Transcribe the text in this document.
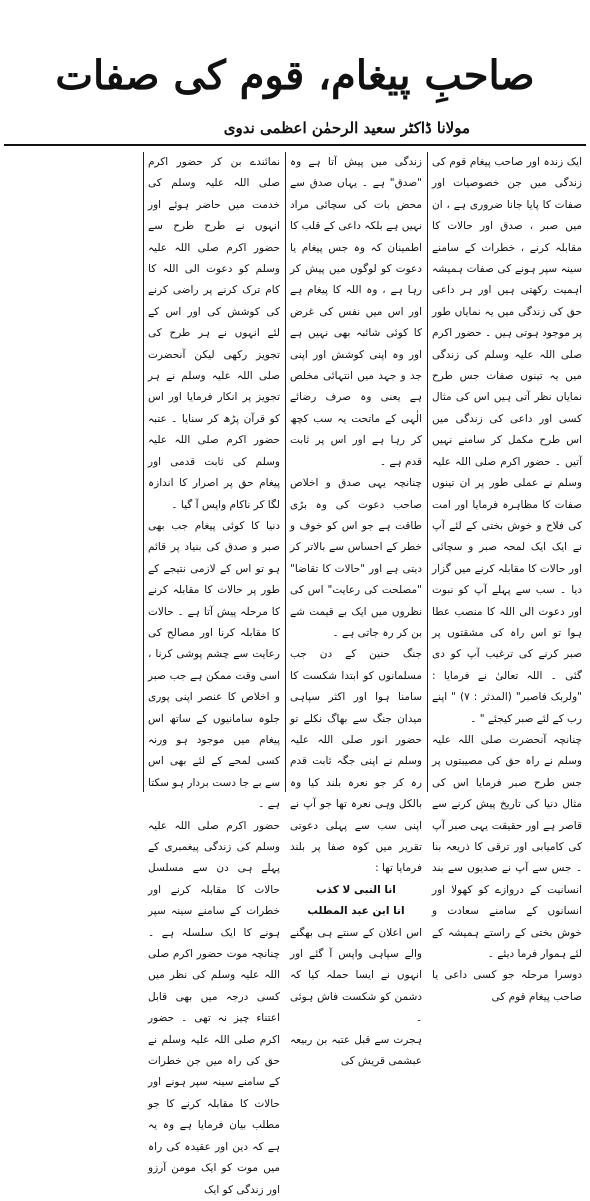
صاحبِ پیغام، قوم کی صفات
مولانا ڈاکٹر سعید الرحمٰن اعظمی ندوی

ایک زندہ اور صاحب پیغام قوم کی زندگی میں جن خصوصیات اور صفات کا پایا جانا ضروری ہے ، ان میں صبر ، صدق اور حالات کا مقابلہ کرنے ، خطرات کے سامنے سینہ سپر ہونے کی صفات ہمیشہ اہمیت رکھتی ہیں اور ہر داعی حق کی زندگی میں یہ نمایاں طور پر موجود ہوتی ہیں ۔ حضور اکرم صلی اللہ علیہ وسلم کی زندگی میں یہ تینوں صفات جس طرح نمایاں نظر آتی ہیں اس کی مثال کسی اور داعی کی زندگی میں اس طرح مکمل کر سامنے نہیں آتیں ۔ حضور اکرم صلی اللہ علیہ وسلم نے عملی طور پر ان تینوں صفات کا مظاہرہ فرمایا اور امت کی فلاح و خوش بختی کے لئے آپ نے ایک ایک لمحہ صبر و سچائی اور حالات کا مقابلہ کرنے میں گزار دیا ۔ سب سے پہلے آپ کو نبوت اور دعوت الی اللہ کا منصب عطا ہوا تو اس راہ کی مشقتوں پر صبر کرنے کی ترغیب آپ کو دی گئی ۔ اللہ تعالیٰ نے فرمایا : "ولربک فاصبر" (المدثر : ۷) " اپنے رب کے لئے صبر کیجئے " ۔

چنانچہ آنحضرت صلی اللہ علیہ وسلم نے راہ حق کی مصیبتوں پر جس طرح صبر فرمایا اس کی مثال دنیا کی تاریخ پیش کرنے سے قاصر ہے اور حقیقت یہی صبر آپ کی کامیابی اور ترقی کا ذریعہ بنا ۔ جس سے آپ نے صدیوں سے بند انسانیت کے دروازے کو کھولا اور انسانوں کے سامنے سعادت و خوش بختی کے راستے ہمیشہ کے لئے ہموار فرما دیئے ۔

دوسرا مرحلہ جو کسی داعی یا صاحب پیغام قوم کی

زندگی میں پیش آتا ہے وہ "صدق" ہے ۔ یہاں صدق سے محض بات کی سچائی مراد نہیں ہے بلکہ داعی کے قلب کا اطمینان کہ وہ جس پیغام یا دعوت کو لوگوں میں پیش کر رہا ہے ، وہ اللہ کا پیغام ہے اور اس میں نفس کی غرض کا کوئی شائبہ بھی نہیں ہے اور وہ اپنی کوشش اور اپنی جد و جہد میں انتہائی مخلص ہے یعنی وہ صرف رضائے الٰہی کے ماتحت یہ سب کچھ کر رہا ہے اور اس پر ثابت قدم ہے ۔

چنانچہ یہی صدق و اخلاص صاحب دعوت کی وہ بڑی طاقت ہے جو اس کو خوف و خطر کے احساس سے بالاتر کر دیتی ہے اور "حالات کا تقاضا" "مصلحت کی رعایت" اس کی نظروں میں ایک بے قیمت شے بن کر رہ جاتی ہے ۔

جنگ حنین کے دن جب مسلمانوں کو ابتدا شکست کا سامنا ہوا اور اکثر سپاہی میدان جنگ سے بھاگ نکلے تو حضور انور صلی اللہ علیہ وسلم نے اپنی جگہ ثابت قدم رہ کر جو نعرہ بلند کیا وہ بالکل وہی نعرہ تھا جو آپ نے اپنی سب سے پہلی دعوتی تقریر میں کوہ صفا پر بلند فرمایا تھا :

انا النبی لا کذب

انا ابن عبد المطلب

اس اعلان کے سنتے ہی بھگنے والے سپاہی واپس آ گئے اور انہوں نے ایسا حملہ کیا کہ دشمن کو شکست فاش ہوئی ۔

ہجرت سے قبل عتبہ بن ربیعہ عبشمی قریش کی

نمائندے بن کر حضور اکرم صلی اللہ علیہ وسلم کی خدمت میں حاضر ہوئے اور انہوں نے طرح طرح سے حضور اکرم صلی اللہ علیہ وسلم کو دعوت الی اللہ کا کام ترک کرنے پر راضی کرنے کی کوشش کی اور اس کے لئے انہوں نے ہر طرح کی تجویز رکھی لیکن آنحضرت صلی اللہ علیہ وسلم نے ہر تجویز پر انکار فرمایا اور اس کو قرآن پڑھ کر سنایا ۔ عتبہ حضور اکرم صلی اللہ علیہ وسلم کی ثابت قدمی اور پیغام حق پر اصرار کا اندازہ لگا کر ناکام واپس آ گیا ۔

دنیا کا کوئی پیغام جب بھی صبر و صدق کی بنیاد پر قائم ہو تو اس کے لازمی نتیجے کے طور پر حالات کا مقابلہ کرنے کا مرحلہ پیش آتا ہے ۔ حالات کا مقابلہ کرنا اور مصالح کی رعایت سے چشم پوشی کرنا ، اسی وقت ممکن ہے جب صبر و اخلاص کا عنصر اپنی پوری جلوہ سامانیوں کے ساتھ اس پیغام میں موجود ہو ورنہ کسی لمحے کے لئے بھی اس سے بے جا دست بردار ہو سکتا ہے ۔

حضور اکرم صلی اللہ علیہ وسلم کی زندگی پیغمبری کے پہلے ہی دن سے مسلسل حالات کا مقابلہ کرنے اور خطرات کے سامنے سینہ سپر ہونے کا ایک سلسلہ ہے ۔ چنانچہ موت حضور اکرم صلی اللہ علیہ وسلم کی نظر میں کسی درجہ میں بھی قابل اعتناء چیز نہ تھی ۔ حضور اکرم صلی اللہ علیہ وسلم نے حق کی راہ میں جن خطرات کے سامنے سینہ سپر ہونے اور حالات کا مقابلہ کرنے کا جو مطلب بیان فرمایا ہے وہ یہ ہے کہ دین اور عقیدہ کی راہ میں موت کو ایک مومن آرزو اور زندگی کو ایک
